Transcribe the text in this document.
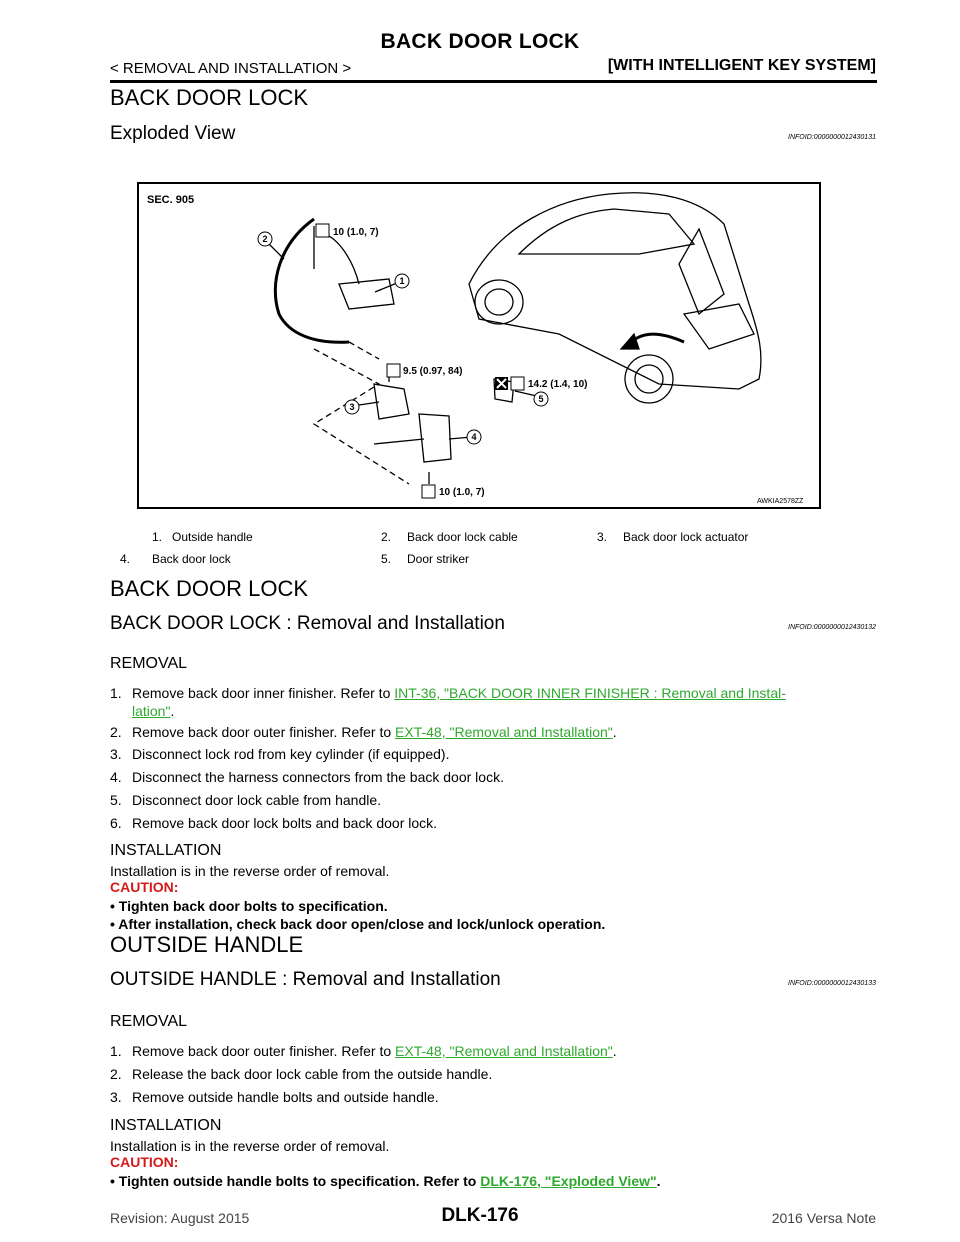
BACK DOOR LOCK
< REMOVAL AND INSTALLATION >	[WITH INTELLIGENT KEY SYSTEM]
BACK DOOR LOCK
Exploded View	INFOID:0000000012430131
1
2
3
4
5
SEC. 905
10 (1.0, 7)
9.5 (0.97, 84)
14.2 (1.4, 10)
10 (1.0, 7)
AWKIA2578ZZ
1. Outside handle	2. Back door lock cable	3. Back door lock actuator
4. Back door lock	5. Door striker
BACK DOOR LOCK
BACK DOOR LOCK : Removal and Installation	INFOID:0000000012430132
REMOVAL
1. Remove back door inner finisher. Refer to INT-36, "BACK DOOR INNER FINISHER : Removal and Instal-
lation".
2. Remove back door outer finisher. Refer to EXT-48, "Removal and Installation".
3. Disconnect lock rod from key cylinder (if equipped).
4. Disconnect the harness connectors from the back door lock.
5. Disconnect door lock cable from handle.
6. Remove back door lock bolts and back door lock.
INSTALLATION
Installation is in the reverse order of removal.
CAUTION:
• Tighten back door bolts to specification.
• After installation, check back door open/close and lock/unlock operation.
OUTSIDE HANDLE
OUTSIDE HANDLE : Removal and Installation	INFOID:0000000012430133
REMOVAL
1. Remove back door outer finisher. Refer to EXT-48, "Removal and Installation".
2. Release the back door lock cable from the outside handle.
3. Remove outside handle bolts and outside handle.
INSTALLATION
Installation is in the reverse order of removal.
CAUTION:
• Tighten outside handle bolts to specification. Refer to DLK-176, "Exploded View".
DLK-176
Revision: August 2015	2016 Versa Note
